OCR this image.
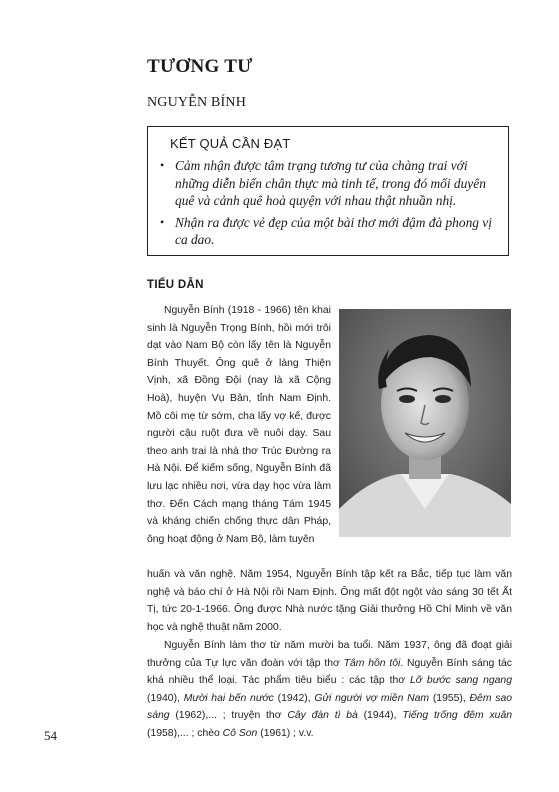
TƯƠNG TƯ
NGUYỄN BÍNH
KẾT QUẢ CẦN ĐẠT
• Cảm nhận được tâm trạng tương tư của chàng trai với những diễn biến chân thực mà tinh tế, trong đó mối duyên quê và cảnh quê hoà quyện với nhau thật nhuần nhị.
• Nhận ra được vẻ đẹp của một bài thơ mới đậm đà phong vị ca dao.
TIỂU DẪN

Nguyễn Bính (1918 - 1966) tên khai sinh là Nguyễn Trọng Bính, hồi mới trôi dạt vào Nam Bộ còn lấy tên là Nguyễn Bính Thuyết. Ông quê ở làng Thiện Vịnh, xã Đồng Đội (nay là xã Cộng Hoà), huyện Vụ Bản, tỉnh Nam Định. Mồ côi mẹ từ sớm, cha lấy vợ kế, được người cậu ruột đưa về nuôi dạy. Sau theo anh trai là nhà thơ Trúc Đường ra Hà Nội. Để kiếm sống, Nguyễn Bính đã lưu lạc nhiều nơi, vừa dạy học vừa làm thơ. Đến Cách mạng tháng Tám 1945 và kháng chiến chống thực dân Pháp, ông hoạt động ở Nam Bộ, làm tuyên

huấn và văn nghệ. Năm 1954, Nguyễn Bính tập kết ra Bắc, tiếp tục làm văn nghệ và báo chí ở Hà Nội rồi Nam Định. Ông mất đột ngột vào sáng 30 tết Ất Tị, tức 20-1-1966. Ông được Nhà nước tặng Giải thưởng Hồ Chí Minh về văn học và nghệ thuật năm 2000.

Nguyễn Bính làm thơ từ năm mười ba tuổi. Năm 1937, ông đã đoạt giải thưởng của Tự lực văn đoàn với tập thơ Tâm hồn tôi. Nguyễn Bính sáng tác khá nhiều thể loại. Tác phẩm tiêu biểu : các tập thơ Lỡ bước sang ngang (1940), Mười hai bến nước (1942), Gửi người vợ miền Nam (1955), Đêm sao sáng (1962),... ; truyện thơ Cây đàn tì bà (1944), Tiếng trống đêm xuân (1958),... ; chèo Cô Son (1961) ; v.v.

54
